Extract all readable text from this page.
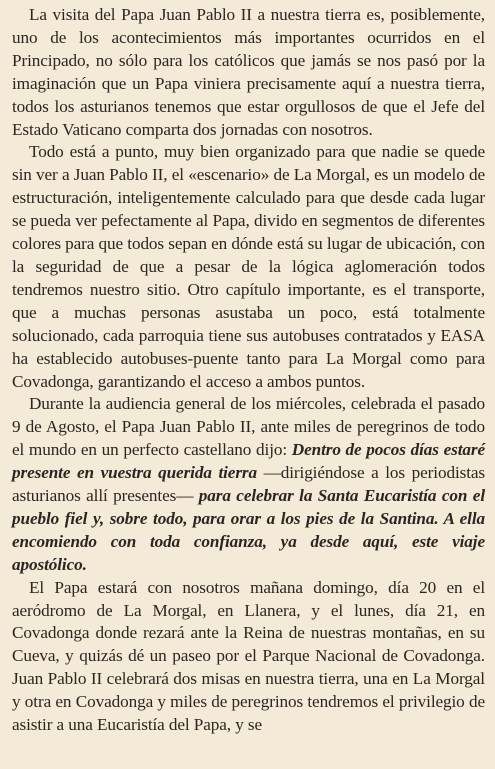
La visita del Papa Juan Pablo II a nuestra tierra es, posiblemente, uno de los acontecimientos más importantes ocurridos en el Principado, no sólo para los católicos que jamás se nos pasó por la imaginación que un Papa viniera precisamente aquí a nuestra tierra, todos los asturianos tenemos que estar orgullosos de que el Jefe del Estado Vaticano comparta dos jornadas con nosotros.

Todo está a punto, muy bien organizado para que nadie se quede sin ver a Juan Pablo II, el «escenario» de La Morgal, es un modelo de estructuración, inteligentemente calculado para que desde cada lugar se pueda ver pefectamente al Papa, divido en segmentos de diferentes colores para que todos sepan en dónde está su lugar de ubicación, con la seguridad de que a pesar de la lógica aglomeración todos tendremos nuestro sitio. Otro capítulo importante, es el transporte, que a muchas personas asustaba un poco, está totalmente solucionado, cada parroquia tiene sus autobuses contratados y EASA ha establecido autobuses-puente tanto para La Morgal como para Covadonga, garantizando el acceso a ambos puntos.

Durante la audiencia general de los miércoles, celebrada el pasado 9 de Agosto, el Papa Juan Pablo II, ante miles de peregrinos de todo el mundo en un perfecto castellano dijo: Dentro de pocos días estaré presente en vuestra querida tierra —dirigiéndose a los periodistas asturianos allí presentes— para celebrar la Santa Eucaristía con el pueblo fiel y, sobre todo, para orar a los pies de la Santina. A ella encomiendo con toda confianza, ya desde aquí, este viaje apostólico.

El Papa estará con nosotros mañana domingo, día 20 en el aeródromo de La Morgal, en Llanera, y el lunes, día 21, en Covadonga donde rezará ante la Reina de nuestras montañas, en su Cueva, y quizás dé un paseo por el Parque Nacional de Covadonga. Juan Pablo II celebrará dos misas en nuestra tierra, una en La Morgal y otra en Covadonga y miles de peregrinos tendremos el privilegio de asistir a una Eucaristía del Papa, y se
